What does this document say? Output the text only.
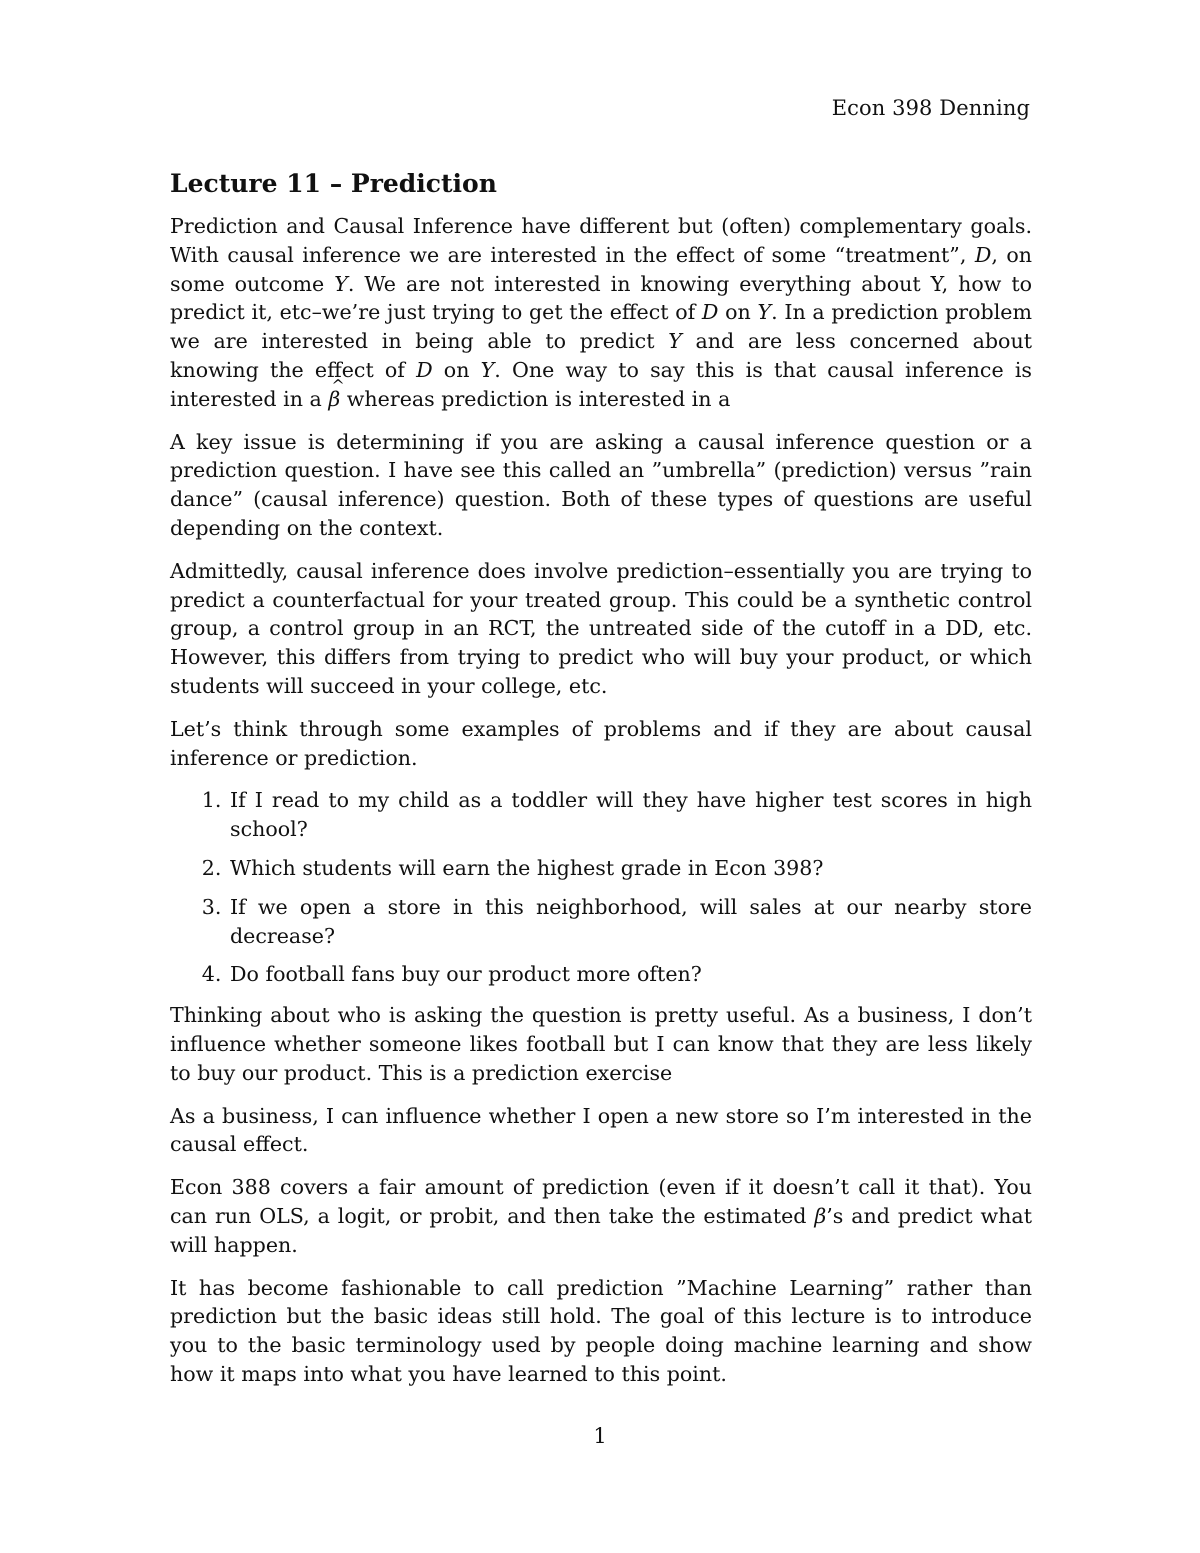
Econ 398 Denning
Lecture 11 – Prediction

Prediction and Causal Inference have different but (often) complementary goals. With causal inference we are interested in the effect of some “treatment”, D, on some outcome Y. We are not interested in knowing everything about Y, how to predict it, etc–we’re just trying to get the effect of D on Y. In a prediction problem we are interested in being able to predict Y and are less concerned about knowing the effect of D on Y. One way to say this is that causal inference is interested in a ^ β whereas prediction is interested in a

A key issue is determining if you are asking a causal inference question or a prediction question. I have see this called an ”umbrella” (prediction) versus ”rain dance” (causal inference) question. Both of these types of questions are useful depending on the context.

Admittedly, causal inference does involve prediction–essentially you are trying to predict a counterfactual for your treated group. This could be a synthetic control group, a control group in an RCT, the untreated side of the cutoff in a DD, etc. However, this differs from trying to predict who will buy your product, or which students will succeed in your college, etc.

Let’s think through some examples of problems and if they are about causal inference or prediction.

1. If I read to my child as a toddler will they have higher test scores in high school?
2. Which students will earn the highest grade in Econ 398?
3. If we open a store in this neighborhood, will sales at our nearby store decrease?
4. Do football fans buy our product more often?

Thinking about who is asking the question is pretty useful. As a business, I don’t influence whether someone likes football but I can know that they are less likely to buy our product. This is a prediction exercise

As a business, I can influence whether I open a new store so I’m interested in the causal effect.

Econ 388 covers a fair amount of prediction (even if it doesn’t call it that). You can run OLS, a logit, or probit, and then take the estimated β’s and predict what will happen.

It has become fashionable to call prediction ”Machine Learning” rather than prediction but the basic ideas still hold. The goal of this lecture is to introduce you to the basic terminology used by people doing machine learning and show how it maps into what you have learned to this point.

1
